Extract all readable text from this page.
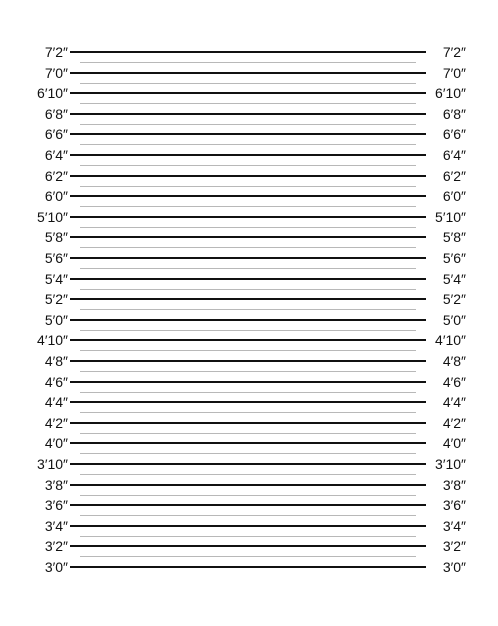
7′2″	7′2″
7′0″	7′0″
6′10″	6′10″
6′8″	6′8″
6′6″	6′6″
6′4″	6′4″
6′2″	6′2″
6′0″	6′0″
5′10″	5′10″
5′8″	5′8″
5′6″	5′6″
5′4″	5′4″
5′2″	5′2″
5′0″	5′0″
4′10″	4′10″
4′8″	4′8″
4′6″	4′6″
4′4″	4′4″
4′2″	4′2″
4′0″	4′0″
3′10″	3′10″
3′8″	3′8″
3′6″	3′6″
3′4″	3′4″
3′2″	3′2″
3′0″	3′0″
